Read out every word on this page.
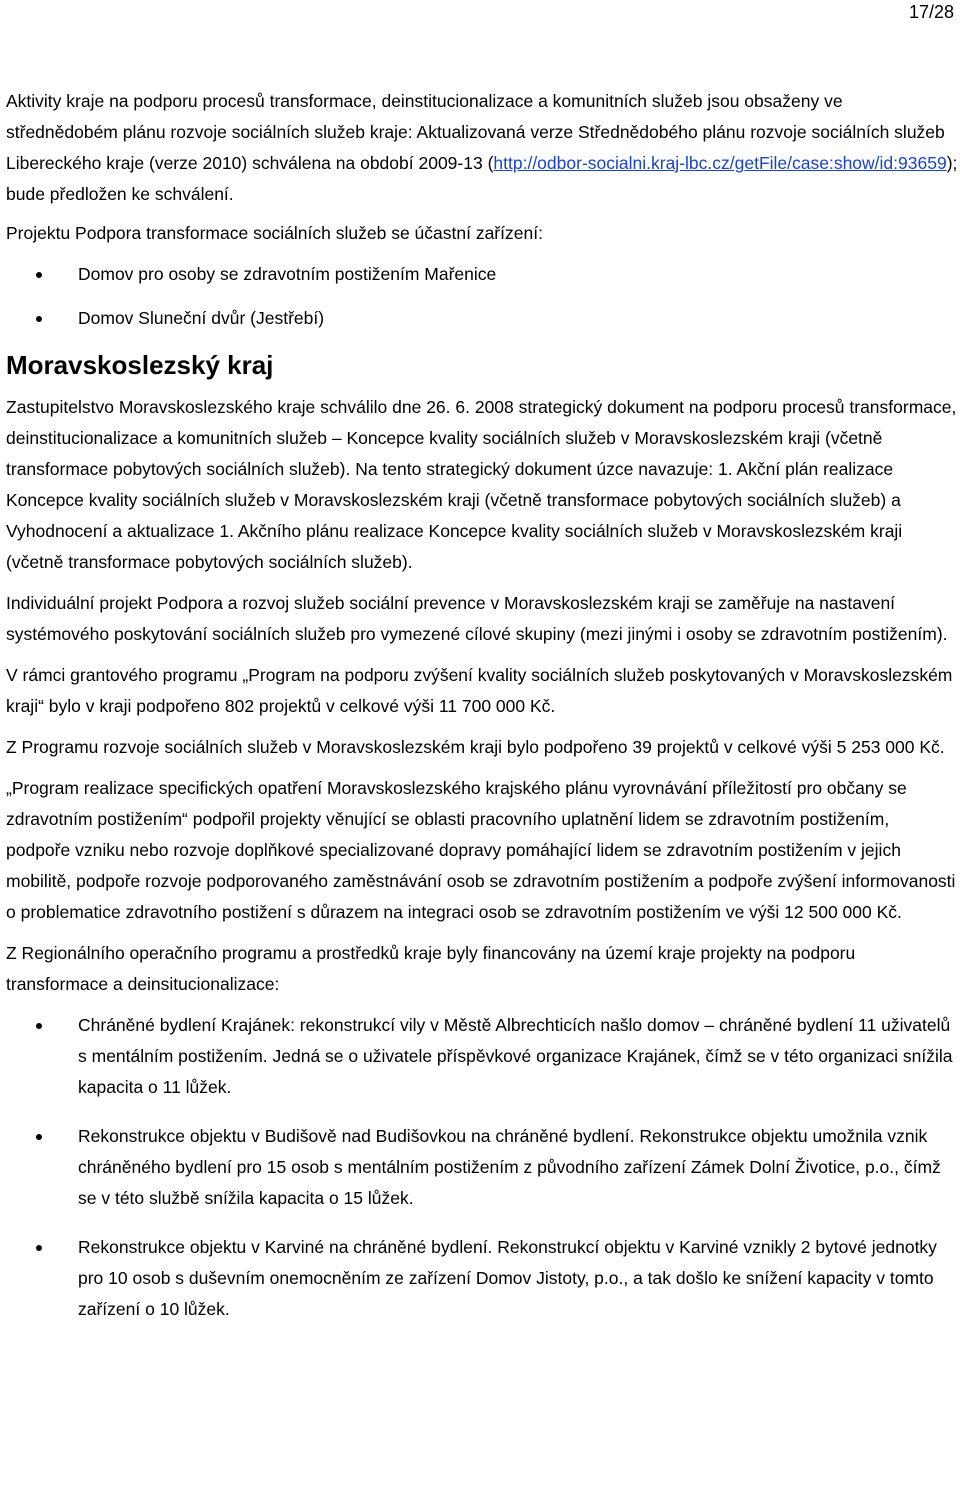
17/28

Aktivity kraje na podporu procesů transformace, deinstitucionalizace a komunitních služeb jsou obsaženy ve střednědobém plánu rozvoje sociálních služeb kraje: Aktualizovaná verze Střednědobého plánu rozvoje sociálních služeb Libereckého kraje (verze 2010) schválena na období 2009-13 (http://odbor-socialni.kraj-lbc.cz/getFile/case:show/id:93659); bude předložen ke schválení.

Projektu Podpora transformace sociálních služeb se účastní zařízení:

Domov pro osoby se zdravotním postižením Mařenice
Domov Sluneční dvůr (Jestřebí)
Moravskoslezský kraj

Zastupitelstvo Moravskoslezského kraje schválilo dne 26. 6. 2008 strategický dokument na podporu procesů transformace, deinstitucionalizace a komunitních služeb – Koncepce kvality sociálních služeb v Moravskoslezském kraji (včetně transformace pobytových sociálních služeb). Na tento strategický dokument úzce navazuje: 1. Akční plán realizace Koncepce kvality sociálních služeb v Moravskoslezském kraji (včetně transformace pobytových sociálních služeb) a Vyhodnocení a aktualizace 1. Akčního plánu realizace Koncepce kvality sociálních služeb v Moravskoslezském kraji (včetně transformace pobytových sociálních služeb).

Individuální projekt Podpora a rozvoj služeb sociální prevence v Moravskoslezském kraji se zaměřuje na nastavení systémového poskytování sociálních služeb pro vymezené cílové skupiny (mezi jinými i osoby se zdravotním postižením).

V rámci grantového programu „Program na podporu zvýšení kvality sociálních služeb poskytovaných v Moravskoslezském kraji“ bylo v kraji podpořeno 802 projektů v celkové výši 11 700 000 Kč.

Z Programu rozvoje sociálních služeb v Moravskoslezském kraji bylo podpořeno 39 projektů v celkové výši 5 253 000 Kč.

„Program realizace specifických opatření Moravskoslezského krajského plánu vyrovnávání příležitostí pro občany se zdravotním postižením“ podpořil projekty věnující se oblasti pracovního uplatnění lidem se zdravotním postižením, podpoře vzniku nebo rozvoje doplňkové specializované dopravy pomáhající lidem se zdravotním postižením v jejich mobilitě, podpoře rozvoje podporovaného zaměstnávání osob se zdravotním postižením a podpoře zvýšení informovanosti o problematice zdravotního postižení s důrazem na integraci osob se zdravotním postižením ve výši 12 500 000 Kč.

Z Regionálního operačního programu a prostředků kraje byly financovány na území kraje projekty na podporu transformace a deinsitucionalizace:

Chráněné bydlení Krajánek: rekonstrukcí vily v Městě Albrechticích našlo domov – chráněné bydlení 11 uživatelů s mentálním postižením. Jedná se o uživatele příspěvkové organizace Krajánek, čímž se v této organizaci snížila kapacita o 11 lůžek.
Rekonstrukce objektu v Budišově nad Budišovkou na chráněné bydlení. Rekonstrukce objektu umožnila vznik chráněného bydlení pro 15 osob s mentálním postižením z původního zařízení Zámek Dolní Životice, p.o., čímž se v této službě snížila kapacita o 15 lůžek.
Rekonstrukce objektu v Karviné na chráněné bydlení. Rekonstrukcí objektu v Karviné vznikly 2 bytové jednotky pro 10 osob s duševním onemocněním ze zařízení Domov Jistoty, p.o., a tak došlo ke snížení kapacity v tomto zařízení o 10 lůžek.
